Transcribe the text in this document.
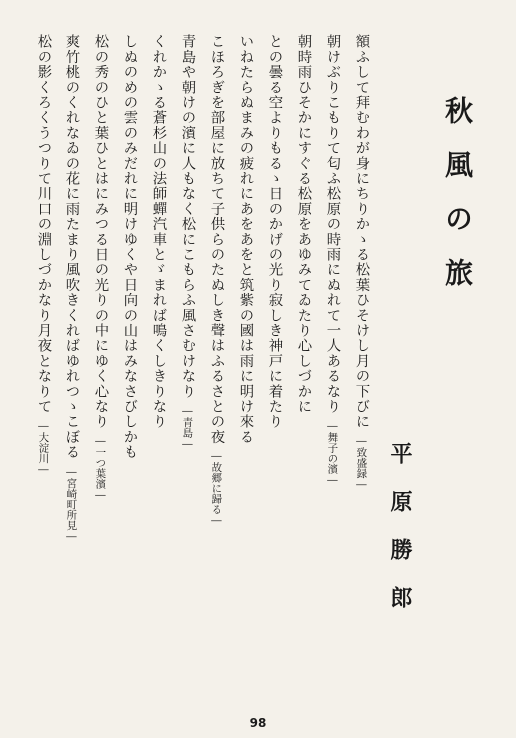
秋風の旅
平原勝郎
額ふして拜むわが身にちりかゝる松葉ひそけし月の下びに―致盛録―
朝けぶりこもりて匂ふ松原の時雨にぬれて一人あるなり―舞子の濱―
朝時雨ひそかにすぐる松原をあゆみてゐたり心しづかに
との曇る空よりもるゝ日のかげの光り寂しき神戸に着たり
いねたらぬまみの疲れにあをあをと筑紫の國は雨に明け來る
こほろぎを部屋に放ちて子供らのたぬしき聲はふるさとの夜―故郷に歸る―
青島や朝けの濱に人もなく松にこもらふ風さむけなり―青島―
くれかゝる蒼杉山の法師蟬汽車とゞまれば鳴くしきりなり
しぬのめの雲のみだれに明けゆくや日向の山はみなさびしかも
松の秀のひと葉ひとはにみつる日の光りの中にゆく心なり―一つ葉濱―
爽竹桃のくれなゐの花に雨たまり風吹きくればゆれつゝこぼる―宮崎町所見―
松の影くろくうつりて川口の淵しづかなり月夜となりて―大淀川―
98
